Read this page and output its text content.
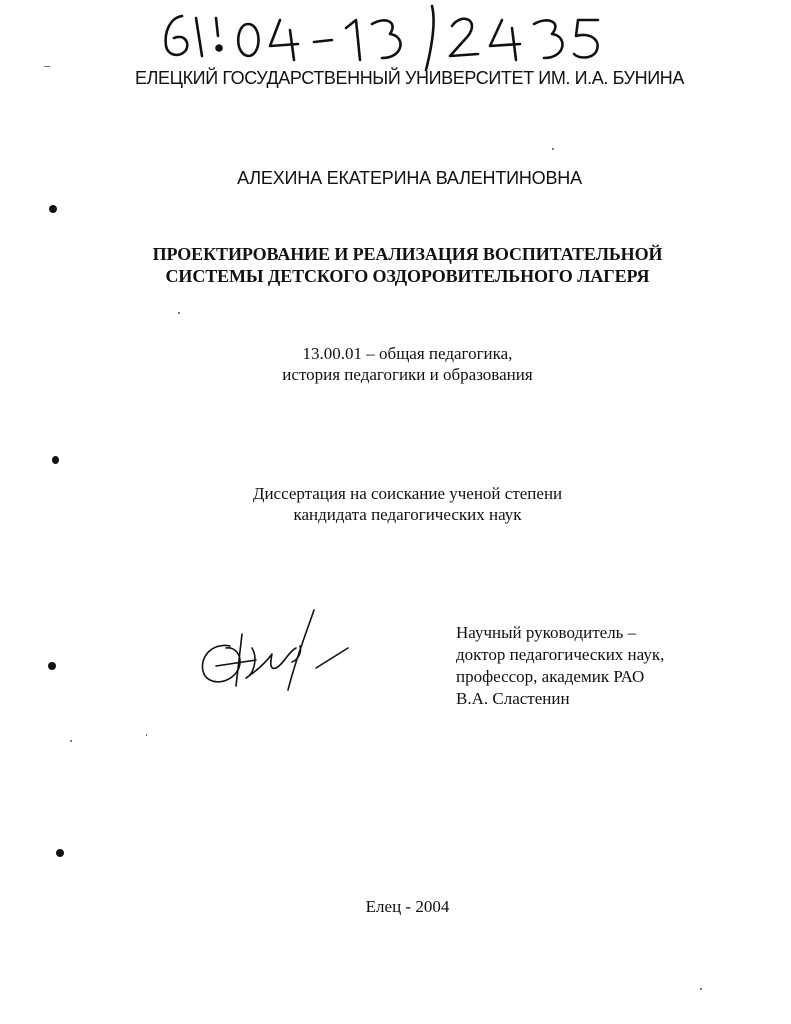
ЕЛЕЦКИЙ ГОСУДАРСТВЕННЫЙ УНИВЕРСИТЕТ ИМ. И.А. БУНИНА
АЛЕХИНА ЕКАТЕРИНА ВАЛЕНТИНОВНА
ПРОЕКТИРОВАНИЕ И РЕАЛИЗАЦИЯ ВОСПИТАТЕЛЬНОЙ
СИСТЕМЫ ДЕТСКОГО ОЗДОРОВИТЕЛЬНОГО ЛАГЕРЯ
13.00.01 – общая педагогика,
история педагогики и образования
Диссертация на соискание ученой степени
кандидата педагогических наук
Научный руководитель –
доктор педагогических наук,
профессор, академик РАО
В.А. Сластенин
Елец - 2004
